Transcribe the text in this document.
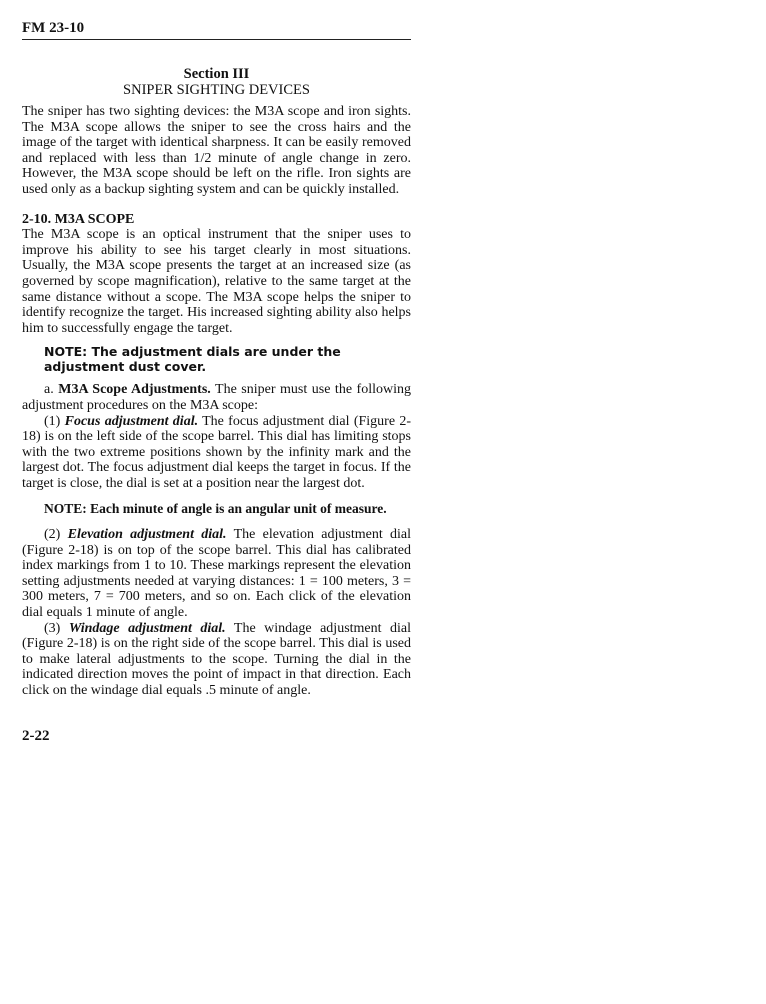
FM 23-10
Section III
SNIPER SIGHTING DEVICES

The sniper has two sighting devices: the M3A scope and iron sights. The M3A scope allows the sniper to see the cross hairs and the image of the target with identical sharpness. It can be easily removed and replaced with less than 1/2 minute of angle change in zero. However, the M3A scope should be left on the rifle. Iron sights are used only as a backup sighting system and can be quickly installed.

2-10. M3A SCOPE

The M3A scope is an optical instrument that the sniper uses to improve his ability to see his target clearly in most situations. Usually, the M3A scope presents the target at an increased size (as governed by scope magnification), relative to the same target at the same distance without a scope. The M3A scope helps the sniper to identify recognize the target. His increased sighting ability also helps him to successfully engage the target.

NOTE: The adjustment dials are under the adjustment dust cover.

a. M3A Scope Adjustments. The sniper must use the following adjustment procedures on the M3A scope:

(1) Focus adjustment dial. The focus adjustment dial (Figure 2-18) is on the left side of the scope barrel. This dial has limiting stops with the two extreme positions shown by the infinity mark and the largest dot. The focus adjustment dial keeps the target in focus. If the target is close, the dial is set at a position near the largest dot.

NOTE: Each minute of angle is an angular unit of measure.

(2) Elevation adjustment dial. The elevation adjustment dial (Figure 2-18) is on top of the scope barrel. This dial has calibrated index markings from 1 to 10. These markings represent the elevation setting adjustments needed at varying distances: 1 = 100 meters, 3 = 300 meters, 7 = 700 meters, and so on. Each click of the elevation dial equals 1 minute of angle.

(3) Windage adjustment dial. The windage adjustment dial (Figure 2-18) is on the right side of the scope barrel. This dial is used to make lateral adjustments to the scope. Turning the dial in the indicated direction moves the point of impact in that direction. Each click on the windage dial equals .5 minute of angle.

2-22
